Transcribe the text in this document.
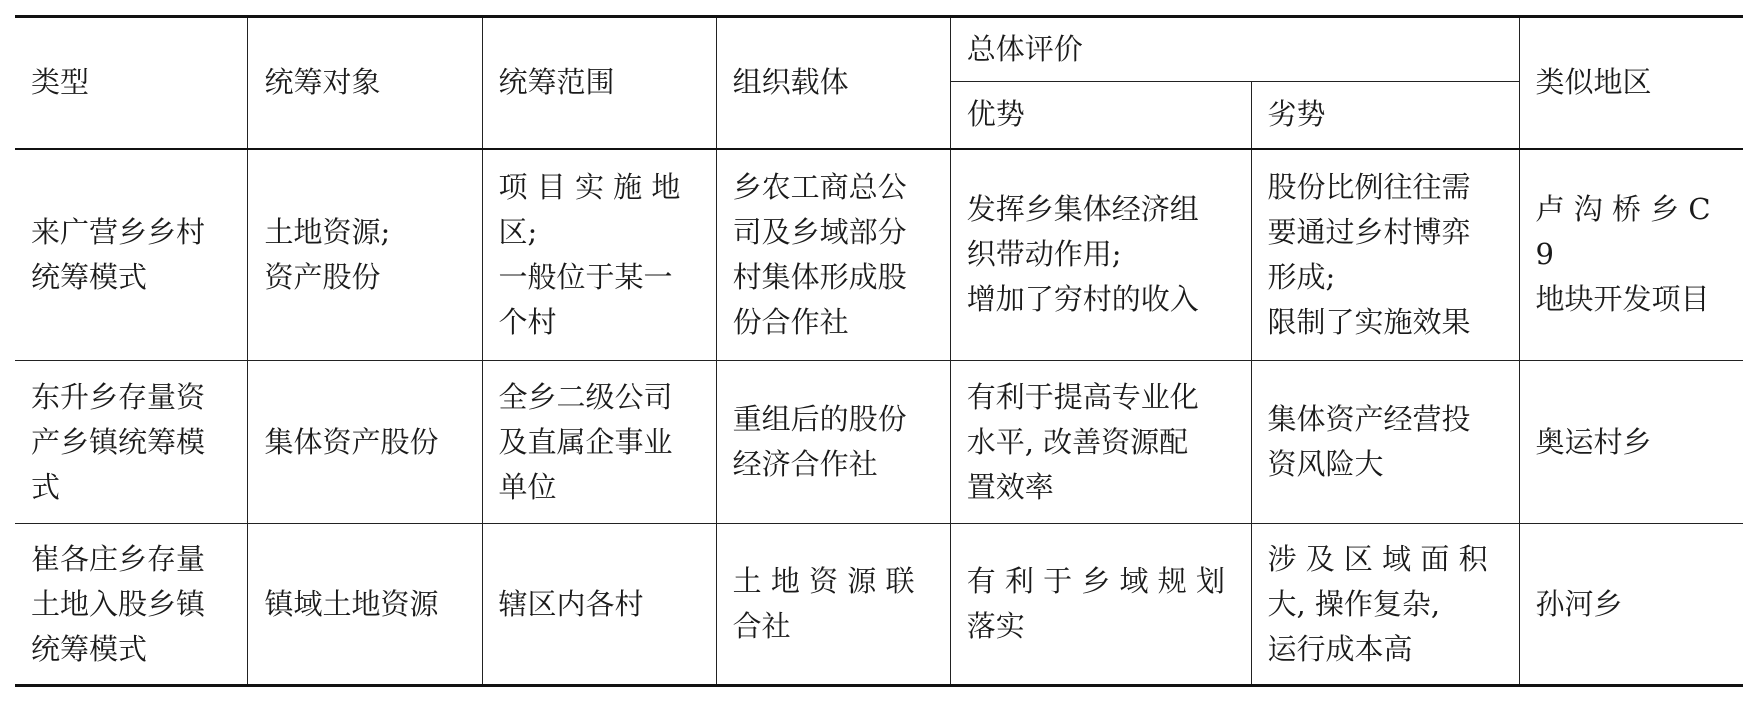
类型	统筹对象	统筹范围	组织载体	总体评价		类似地区
				优势	劣势	

来广营乡乡村
统筹模式	土地资源;
资产股份	项 目 实 施 地
区;
一般位于某一
个村	乡农工商总公
司及乡域部分
村集体形成股
份合作社	发挥乡集体经济组
织带动作用;
增加了穷村的收入	股份比例往往需
要通过乡村博弈
形成;
限制了实施效果	卢 沟 桥 乡 C9
地块开发项目

东升乡存量资
产乡镇统筹模
式	集体资产股份	全乡二级公司
及直属企事业
单位	重组后的股份
经济合作社	有利于提高专业化
水平, 改善资源配
置效率	集体资产经营投
资风险大	奥运村乡

崔各庄乡存量
土地入股乡镇
统筹模式	镇域土地资源	辖区内各村	土 地 资 源 联
合社	有 利 于 乡 域 规 划
落实	涉 及 区 域 面 积
大, 操作复杂,
运行成本高	孙河乡
